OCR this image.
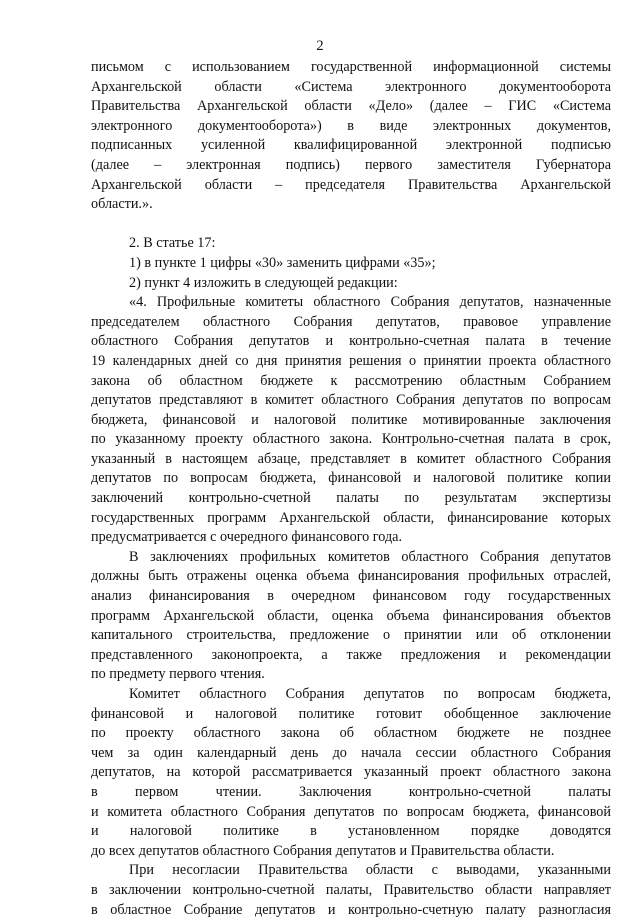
2
письмом с использованием государственной информационной системы
Архангельской области «Система электронного документооборота
Правительства Архангельской области «Дело» (далее – ГИС «Система
электронного документооборота») в виде электронных документов,
подписанных усиленной квалифицированной электронной подписью
(далее – электронная подпись) первого заместителя Губернатора
Архангельской области – председателя Правительства Архангельской
области.».
2. В статье 17:
1) в пункте 1 цифры «30» заменить цифрами «35»;
2) пункт 4 изложить в следующей редакции:
«4. Профильные комитеты областного Собрания депутатов, назначенные
председателем областного Собрания депутатов, правовое управление
областного Собрания депутатов и контрольно-счетная палата в течение
19 календарных дней со дня принятия решения о принятии проекта областного
закона об областном бюджете к рассмотрению областным Собранием
депутатов представляют в комитет областного Собрания депутатов по вопросам
бюджета, финансовой и налоговой политике мотивированные заключения
по указанному проекту областного закона. Контрольно-счетная палата в срок,
указанный в настоящем абзаце, представляет в комитет областного Собрания
депутатов по вопросам бюджета, финансовой и налоговой политике копии
заключений контрольно-счетной палаты по результатам экспертизы
государственных программ Архангельской области, финансирование которых
предусматривается с очередного финансового года.
В заключениях профильных комитетов областного Собрания депутатов
должны быть отражены оценка объема финансирования профильных отраслей,
анализ финансирования в очередном финансовом году государственных
программ Архангельской области, оценка объема финансирования объектов
капитального строительства, предложение о принятии или об отклонении
представленного законопроекта, а также предложения и рекомендации
по предмету первого чтения.
Комитет областного Собрания депутатов по вопросам бюджета,
финансовой и налоговой политике готовит обобщенное заключение
по проекту областного закона об областном бюджете не позднее
чем за один календарный день до начала сессии областного Собрания
депутатов, на которой рассматривается указанный проект областного закона
в первом чтении. Заключения контрольно-счетной палаты
и комитета областного Собрания депутатов по вопросам бюджета, финансовой
и налоговой политике в установленном порядке доводятся
до всех депутатов областного Собрания депутатов и Правительства области.
При несогласии Правительства области с выводами, указанными
в заключении контрольно-счетной палаты, Правительство области направляет
в областное Собрание депутатов и контрольно-счетную палату разногласия
